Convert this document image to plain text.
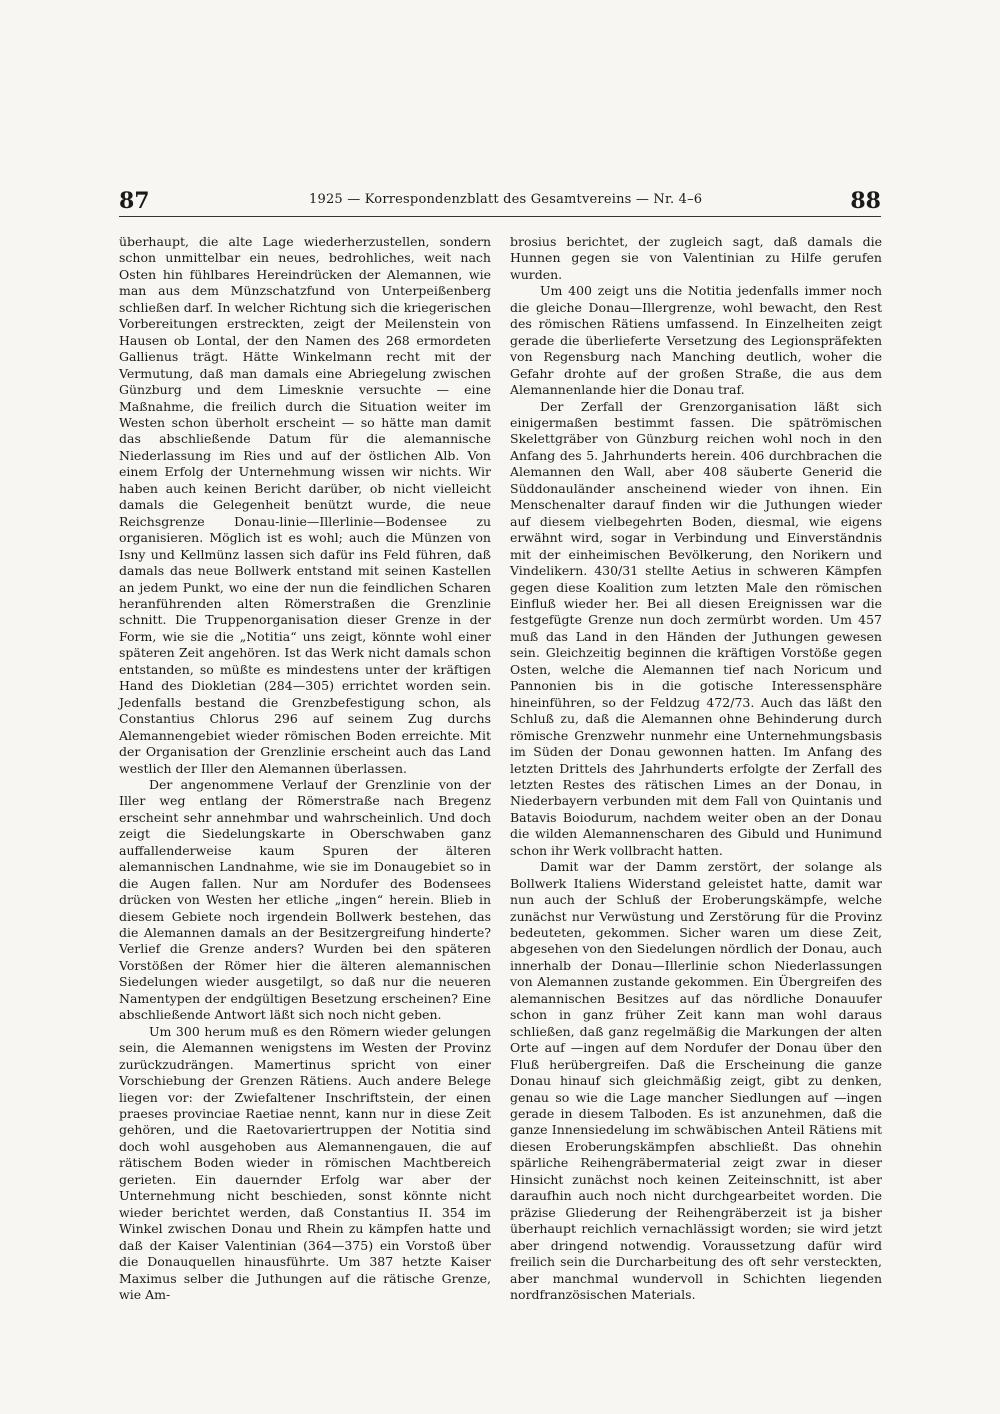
87	1925 — Korrespondenzblatt des Gesamtvereins — Nr. 4–6	88

überhaupt, die alte Lage wiederherzustellen, sondern schon unmittelbar ein neues, bedrohliches, weit nach Osten hin fühlbares Hereindrücken der Alemannen, wie man aus dem Münzschatzfund von Unterpeißenberg schließen darf. In welcher Richtung sich die kriegerischen Vorbereitungen erstreckten, zeigt der Meilenstein von Hausen ob Lontal, der den Namen des 268 ermordeten Gallienus trägt. Hätte Winkelmann recht mit der Vermutung, daß man damals eine Abriegelung zwischen Günzburg und dem Limesknie versuchte — eine Maßnahme, die freilich durch die Situation weiter im Westen schon überholt erscheint — so hätte man damit das abschließende Datum für die alemannische Niederlassung im Ries und auf der östlichen Alb. Von einem Erfolg der Unternehmung wissen wir nichts. Wir haben auch keinen Bericht darüber, ob nicht vielleicht damals die Gelegenheit benützt wurde, die neue Reichsgrenze Donau-linie—Illerlinie—Bodensee zu organisieren. Möglich ist es wohl; auch die Münzen von Isny und Kellmünz lassen sich dafür ins Feld führen, daß damals das neue Bollwerk entstand mit seinen Kastellen an jedem Punkt, wo eine der nun die feindlichen Scharen heranführenden alten Römerstraßen die Grenzlinie schnitt. Die Truppenorganisation dieser Grenze in der Form, wie sie die „Notitia“ uns zeigt, könnte wohl einer späteren Zeit angehören. Ist das Werk nicht damals schon entstanden, so müßte es mindestens unter der kräftigen Hand des Diokletian (284—305) errichtet worden sein. Jedenfalls bestand die Grenzbefestigung schon, als Constantius Chlorus 296 auf seinem Zug durchs Alemannengebiet wieder römischen Boden erreichte. Mit der Organisation der Grenzlinie erscheint auch das Land westlich der Iller den Alemannen überlassen.

Der angenommene Verlauf der Grenzlinie von der Iller weg entlang der Römerstraße nach Bregenz erscheint sehr annehmbar und wahrscheinlich. Und doch zeigt die Siedelungskarte in Oberschwaben ganz auffallenderweise kaum Spuren der älteren alemannischen Landnahme, wie sie im Donaugebiet so in die Augen fallen. Nur am Nordufer des Bodensees drücken von Westen her etliche „ingen“ herein. Blieb in diesem Gebiete noch irgendein Bollwerk bestehen, das die Alemannen damals an der Besitzergreifung hinderte? Verlief die Grenze anders? Wurden bei den späteren Vorstößen der Römer hier die älteren alemannischen Siedelungen wieder ausgetilgt, so daß nur die neueren Namentypen der endgültigen Besetzung erscheinen? Eine abschließende Antwort läßt sich noch nicht geben.

Um 300 herum muß es den Römern wieder gelungen sein, die Alemannen wenigstens im Westen der Provinz zurückzudrängen. Mamertinus spricht von einer Vorschiebung der Grenzen Rätiens. Auch andere Belege liegen vor: der Zwiefaltener Inschriftstein, der einen praeses provinciae Raetiae nennt, kann nur in diese Zeit gehören, und die Raetovariertruppen der Notitia sind doch wohl ausgehoben aus Alemannengauen, die auf rätischem Boden wieder in römischen Machtbereich gerieten. Ein dauernder Erfolg war aber der Unternehmung nicht beschieden, sonst könnte nicht wieder berichtet werden, daß Constantius II. 354 im Winkel zwischen Donau und Rhein zu kämpfen hatte und daß der Kaiser Valentinian (364—375) ein Vorstoß über die Donauquellen hinausführte. Um 387 hetzte Kaiser Maximus selber die Juthungen auf die rätische Grenze, wie Am-

brosius berichtet, der zugleich sagt, daß damals die Hunnen gegen sie von Valentinian zu Hilfe gerufen wurden.

Um 400 zeigt uns die Notitia jedenfalls immer noch die gleiche Donau—Illergrenze, wohl bewacht, den Rest des römischen Rätiens umfassend. In Einzelheiten zeigt gerade die überlieferte Versetzung des Legionspräfekten von Regensburg nach Manching deutlich, woher die Gefahr drohte auf der großen Straße, die aus dem Alemannenlande hier die Donau traf.

Der Zerfall der Grenzorganisation läßt sich einigermaßen bestimmt fassen. Die spätrömischen Skelettgräber von Günzburg reichen wohl noch in den Anfang des 5. Jahrhunderts herein. 406 durchbrachen die Alemannen den Wall, aber 408 säuberte Generid die Süddonauländer anscheinend wieder von ihnen. Ein Menschenalter darauf finden wir die Juthungen wieder auf diesem vielbegehrten Boden, diesmal, wie eigens erwähnt wird, sogar in Verbindung und Einverständnis mit der einheimischen Bevölkerung, den Norikern und Vindelikern. 430/31 stellte Aetius in schweren Kämpfen gegen diese Koalition zum letzten Male den römischen Einfluß wieder her. Bei all diesen Ereignissen war die festgefügte Grenze nun doch zermürbt worden. Um 457 muß das Land in den Händen der Juthungen gewesen sein. Gleichzeitig beginnen die kräftigen Vorstöße gegen Osten, welche die Alemannen tief nach Noricum und Pannonien bis in die gotische Interessensphäre hineinführen, so der Feldzug 472/73. Auch das läßt den Schluß zu, daß die Alemannen ohne Behinderung durch römische Grenzwehr nunmehr eine Unternehmungsbasis im Süden der Donau gewonnen hatten. Im Anfang des letzten Drittels des Jahrhunderts erfolgte der Zerfall des letzten Restes des rätischen Limes an der Donau, in Niederbayern verbunden mit dem Fall von Quintanis und Batavis Boiodurum, nachdem weiter oben an der Donau die wilden Alemannenscharen des Gibuld und Hunimund schon ihr Werk vollbracht hatten.

Damit war der Damm zerstört, der solange als Bollwerk Italiens Widerstand geleistet hatte, damit war nun auch der Schluß der Eroberungskämpfe, welche zunächst nur Verwüstung und Zerstörung für die Provinz bedeuteten, gekommen. Sicher waren um diese Zeit, abgesehen von den Siedelungen nördlich der Donau, auch innerhalb der Donau—Illerlinie schon Niederlassungen von Alemannen zustande gekommen. Ein Übergreifen des alemannischen Besitzes auf das nördliche Donauufer schon in ganz früher Zeit kann man wohl daraus schließen, daß ganz regelmäßig die Markungen der alten Orte auf —ingen auf dem Nordufer der Donau über den Fluß herübergreifen. Daß die Erscheinung die ganze Donau hinauf sich gleichmäßig zeigt, gibt zu denken, genau so wie die Lage mancher Siedlungen auf —ingen gerade in diesem Talboden. Es ist anzunehmen, daß die ganze Innensiedelung im schwäbischen Anteil Rätiens mit diesen Eroberungskämpfen abschließt. Das ohnehin spärliche Reihengräbermaterial zeigt zwar in dieser Hinsicht zunächst noch keinen Zeiteinschnitt, ist aber daraufhin auch noch nicht durchgearbeitet worden. Die präzise Gliederung der Reihengräberzeit ist ja bisher überhaupt reichlich vernachlässigt worden; sie wird jetzt aber dringend notwendig. Voraussetzung dafür wird freilich sein die Durcharbeitung des oft sehr versteckten, aber manchmal wundervoll in Schichten liegenden nordfranzösischen Materials.
